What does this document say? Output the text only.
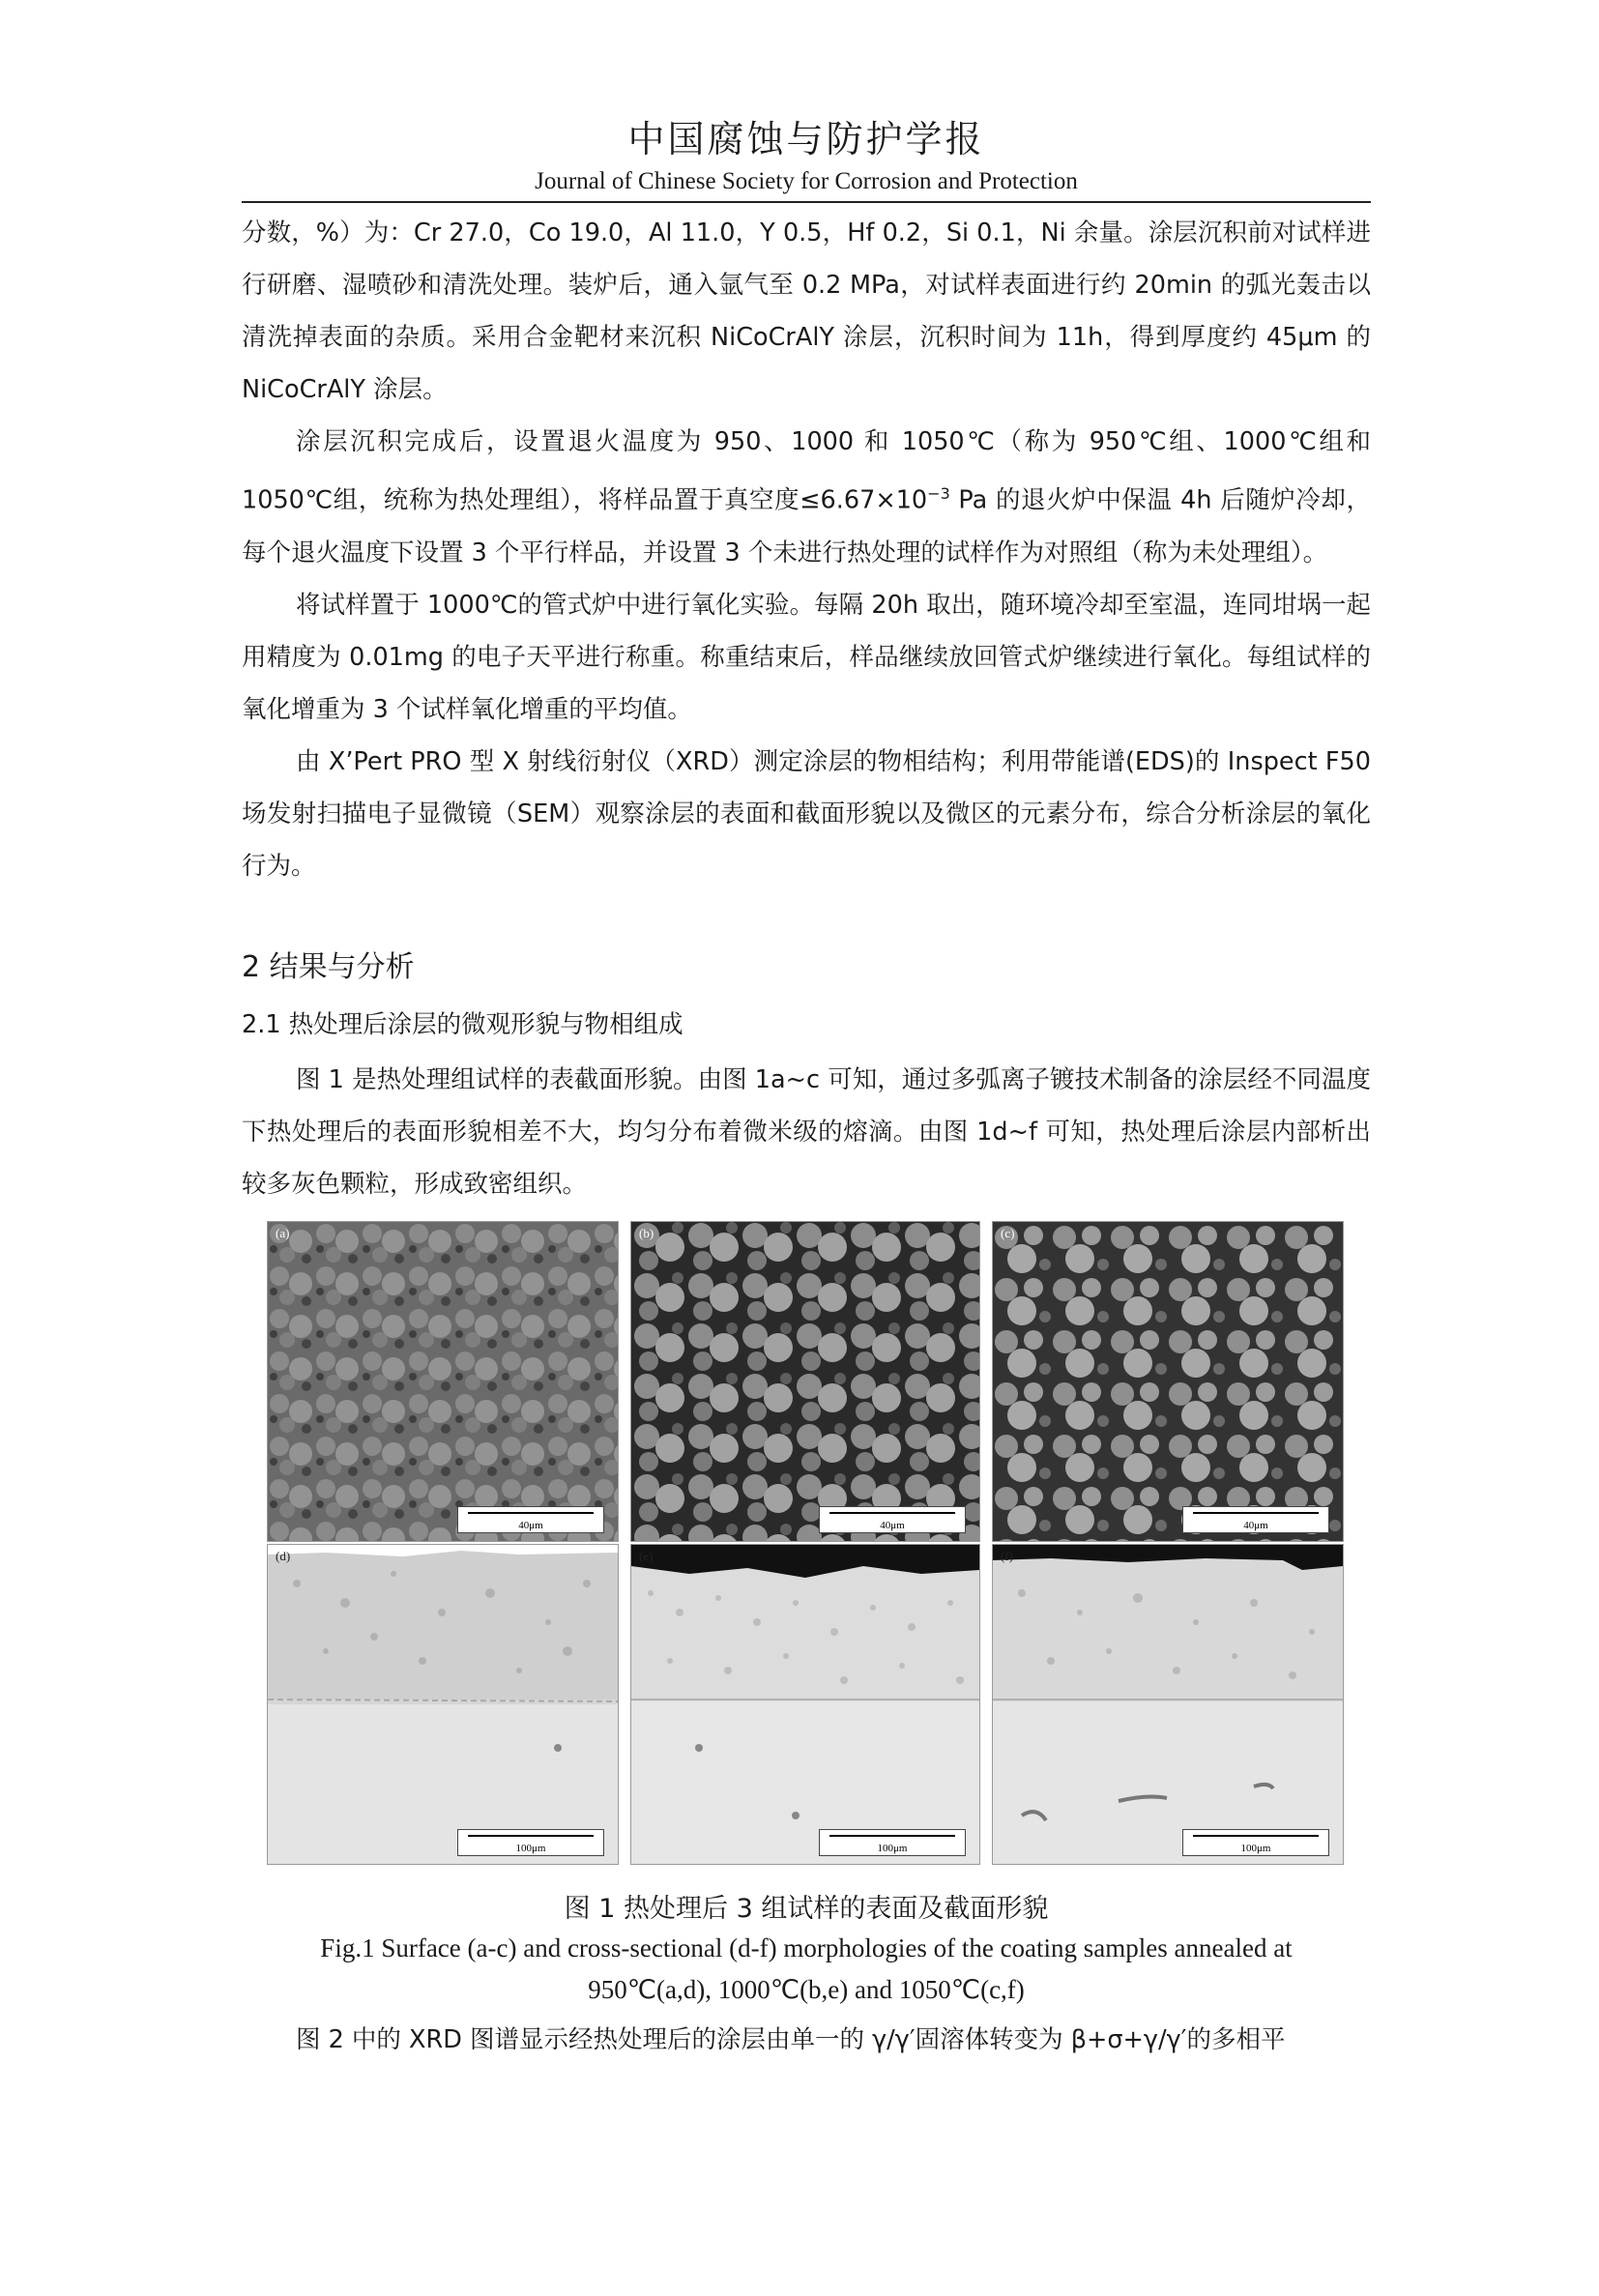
中国腐蚀与防护学报
Journal of Chinese Society for Corrosion and Protection

分数，%）为：Cr 27.0，Co 19.0，Al 11.0，Y 0.5，Hf 0.2，Si 0.1，Ni 余量。涂层沉积前对试样进行研磨、湿喷砂和清洗处理。装炉后，通入氩气至 0.2 MPa，对试样表面进行约 20min 的弧光轰击以清洗掉表面的杂质。采用合金靶材来沉积 NiCoCrAlY 涂层，沉积时间为 11h，得到厚度约 45μm 的 NiCoCrAlY 涂层。

涂层沉积完成后，设置退火温度为 950、1000 和 1050℃（称为 950℃组、1000℃组和 1050℃组，统称为热处理组），将样品置于真空度$\le 6.67\times 10^{-3}$ Pa 的退火炉中保温 4h 后随炉冷却，每个退火温度下设置 3 个平行样品，并设置 3 个未进行热处理的试样作为对照组（称为未处理组）。

将试样置于 1000℃的管式炉中进行氧化实验。每隔 20h 取出，随环境冷却至室温，连同坩埚一起用精度为 0.01mg 的电子天平进行称重。称重结束后，样品继续放回管式炉继续进行氧化。每组试样的氧化增重为 3 个试样氧化增重的平均值。

由 X’Pert PRO 型 X 射线衍射仪（XRD）测定涂层的物相结构；利用带能谱(EDS)的 Inspect F50 场发射扫描电子显微镜（SEM）观察涂层的表面和截面形貌以及微区的元素分布，综合分析涂层的氧化行为。

2 结果与分析
2.1 热处理后涂层的微观形貌与物相组成

图 1 是热处理组试样的表截面形貌。由图 1a~c 可知，通过多弧离子镀技术制备的涂层经不同温度下热处理后的表面形貌相差不大，均匀分布着微米级的熔滴。由图 1d~f 可知，热处理后涂层内部析出较多灰色颗粒，形成致密组织。

(a)
40μm
(b)
40μm
(c)
40μm
(d)
100μm
(e)
100μm
(f)
100μm
图 1 热处理后 3 组试样的表面及截面形貌
Fig.1 Surface (a-c) and cross-sectional (d-f) morphologies of the coating samples annealed at
950℃(a,d), 1000℃(b,e) and 1050℃(c,f)
图 2 中的 XRD 图谱显示经热处理后的涂层由单一的 γ/γ′固溶体转变为 β+σ+γ/γ′的多相平
